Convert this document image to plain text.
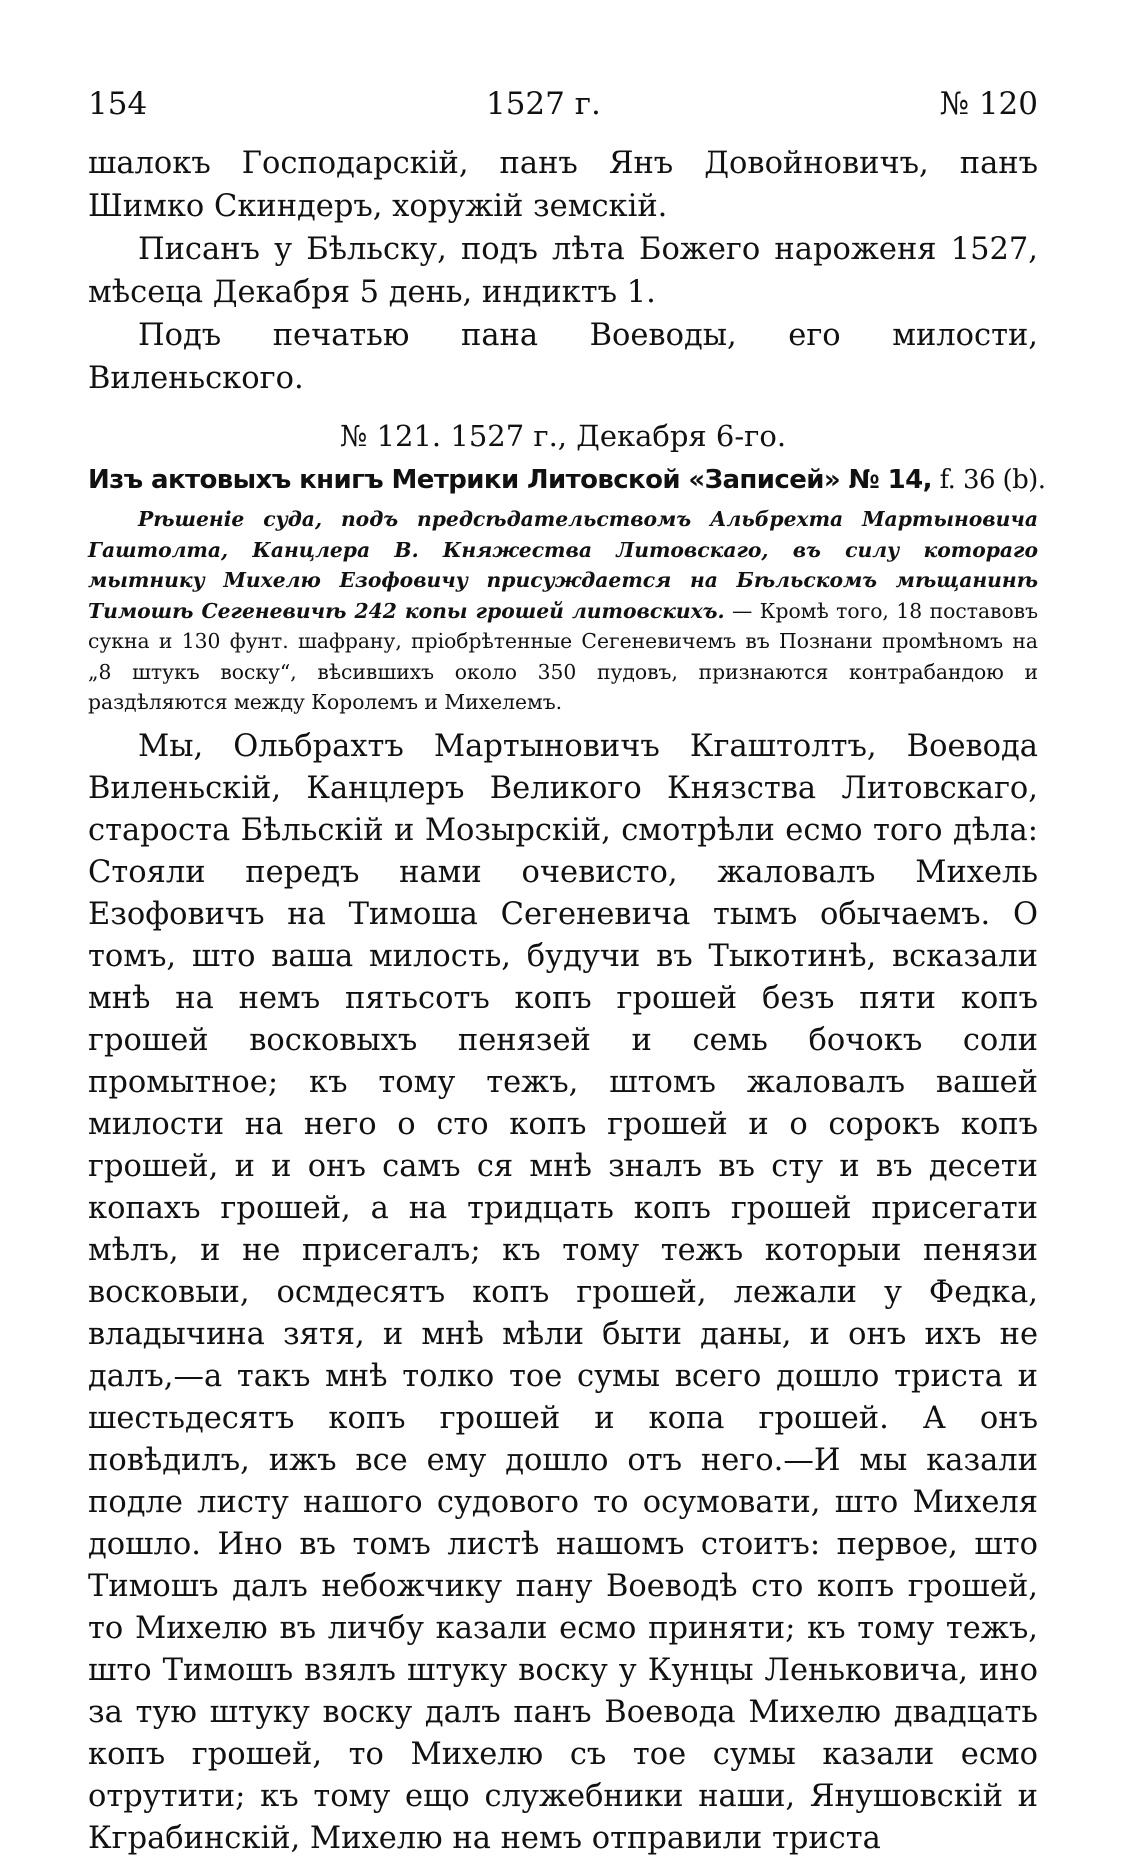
154	1527 г.	№ 120

шалокъ Господарскій, панъ Янъ Довойновичъ, панъ Шимко Скиндеръ, хоружій земскій.

Писанъ у Бѣльску, подъ лѣта Божего нароженя 1527, мѣсеца Декабря 5 день, индиктъ 1.

Подъ печатью пана Воеводы, его милости, Виленьского.

№ 121. 1527 г., Декабря 6-го.
Изъ актовыхъ книгъ Метрики Литовской «Записей» № 14, f. 36 (b).

Рѣшеніе суда, подъ предсѣдательствомъ Альбрехта Мартыновича Гаштолта, Канцлера В. Княжества Литовскаго, въ силу котораго мытнику Михелю Езофовичу присуждается на Бѣльскомъ мѣщанинѣ Тимошѣ Сегеневичѣ 242 копы грошей литовскихъ. — Кромѣ того, 18 поставовъ сукна и 130 фунт. шафрану, пріобрѣтенные Сегеневичемъ въ Познани промѣномъ на „8 штукъ воску“, вѣсившихъ около 350 пудовъ, признаются контрабандою и раздѣляются между Королемъ и Михелемъ.

Мы, Ольбрахтъ Мартыновичъ Кгаштолтъ, Воевода Виленьскій, Канцлеръ Великого Князства Литовскаго, староста Бѣльскій и Мозырскій, смотрѣли есмо того дѣла: Стояли передъ нами очевисто, жаловалъ Михель Езофовичъ на Тимоша Сегеневича тымъ обычаемъ. О томъ, што ваша милость, будучи въ Тыкотинѣ, всказали мнѣ на немъ пятьсотъ копъ грошей безъ пяти копъ грошей восковыхъ пенязей и семь бочокъ соли промытное; къ тому тежъ, штомъ жаловалъ вашей милости на него о сто копъ грошей и о сорокъ копъ грошей, и и онъ самъ ся мнѣ зналъ въ сту и въ десети копахъ грошей, а на тридцать копъ грошей присегати мѣлъ, и не присегалъ; къ тому тежъ которыи пенязи восковыи, осмдесятъ копъ грошей, лежали у Федка, владычина зятя, и мнѣ мѣли быти даны, и онъ ихъ не далъ,—а такъ мнѣ толко тое сумы всего дошло триста и шестьдесятъ копъ грошей и копа грошей. А онъ повѣдилъ, ижъ все ему дошло отъ него.—И мы казали подле листу нашого судового то осумовати, што Михеля дошло. Ино въ томъ листѣ нашомъ стоитъ: первое, што Тимошъ далъ небожчику пану Воеводѣ сто копъ грошей, то Михелю въ личбу казали есмо приняти; къ тому тежъ, што Тимошъ взялъ штуку воску у Кунцы Леньковича, ино за тую штуку воску далъ панъ Воевода Михелю двадцать копъ грошей, то Михелю съ тое сумы казали есмо отрутити; къ тому ещо служебники наши, Янушовскій и Кграбинскій, Михелю на немъ отправили триста
